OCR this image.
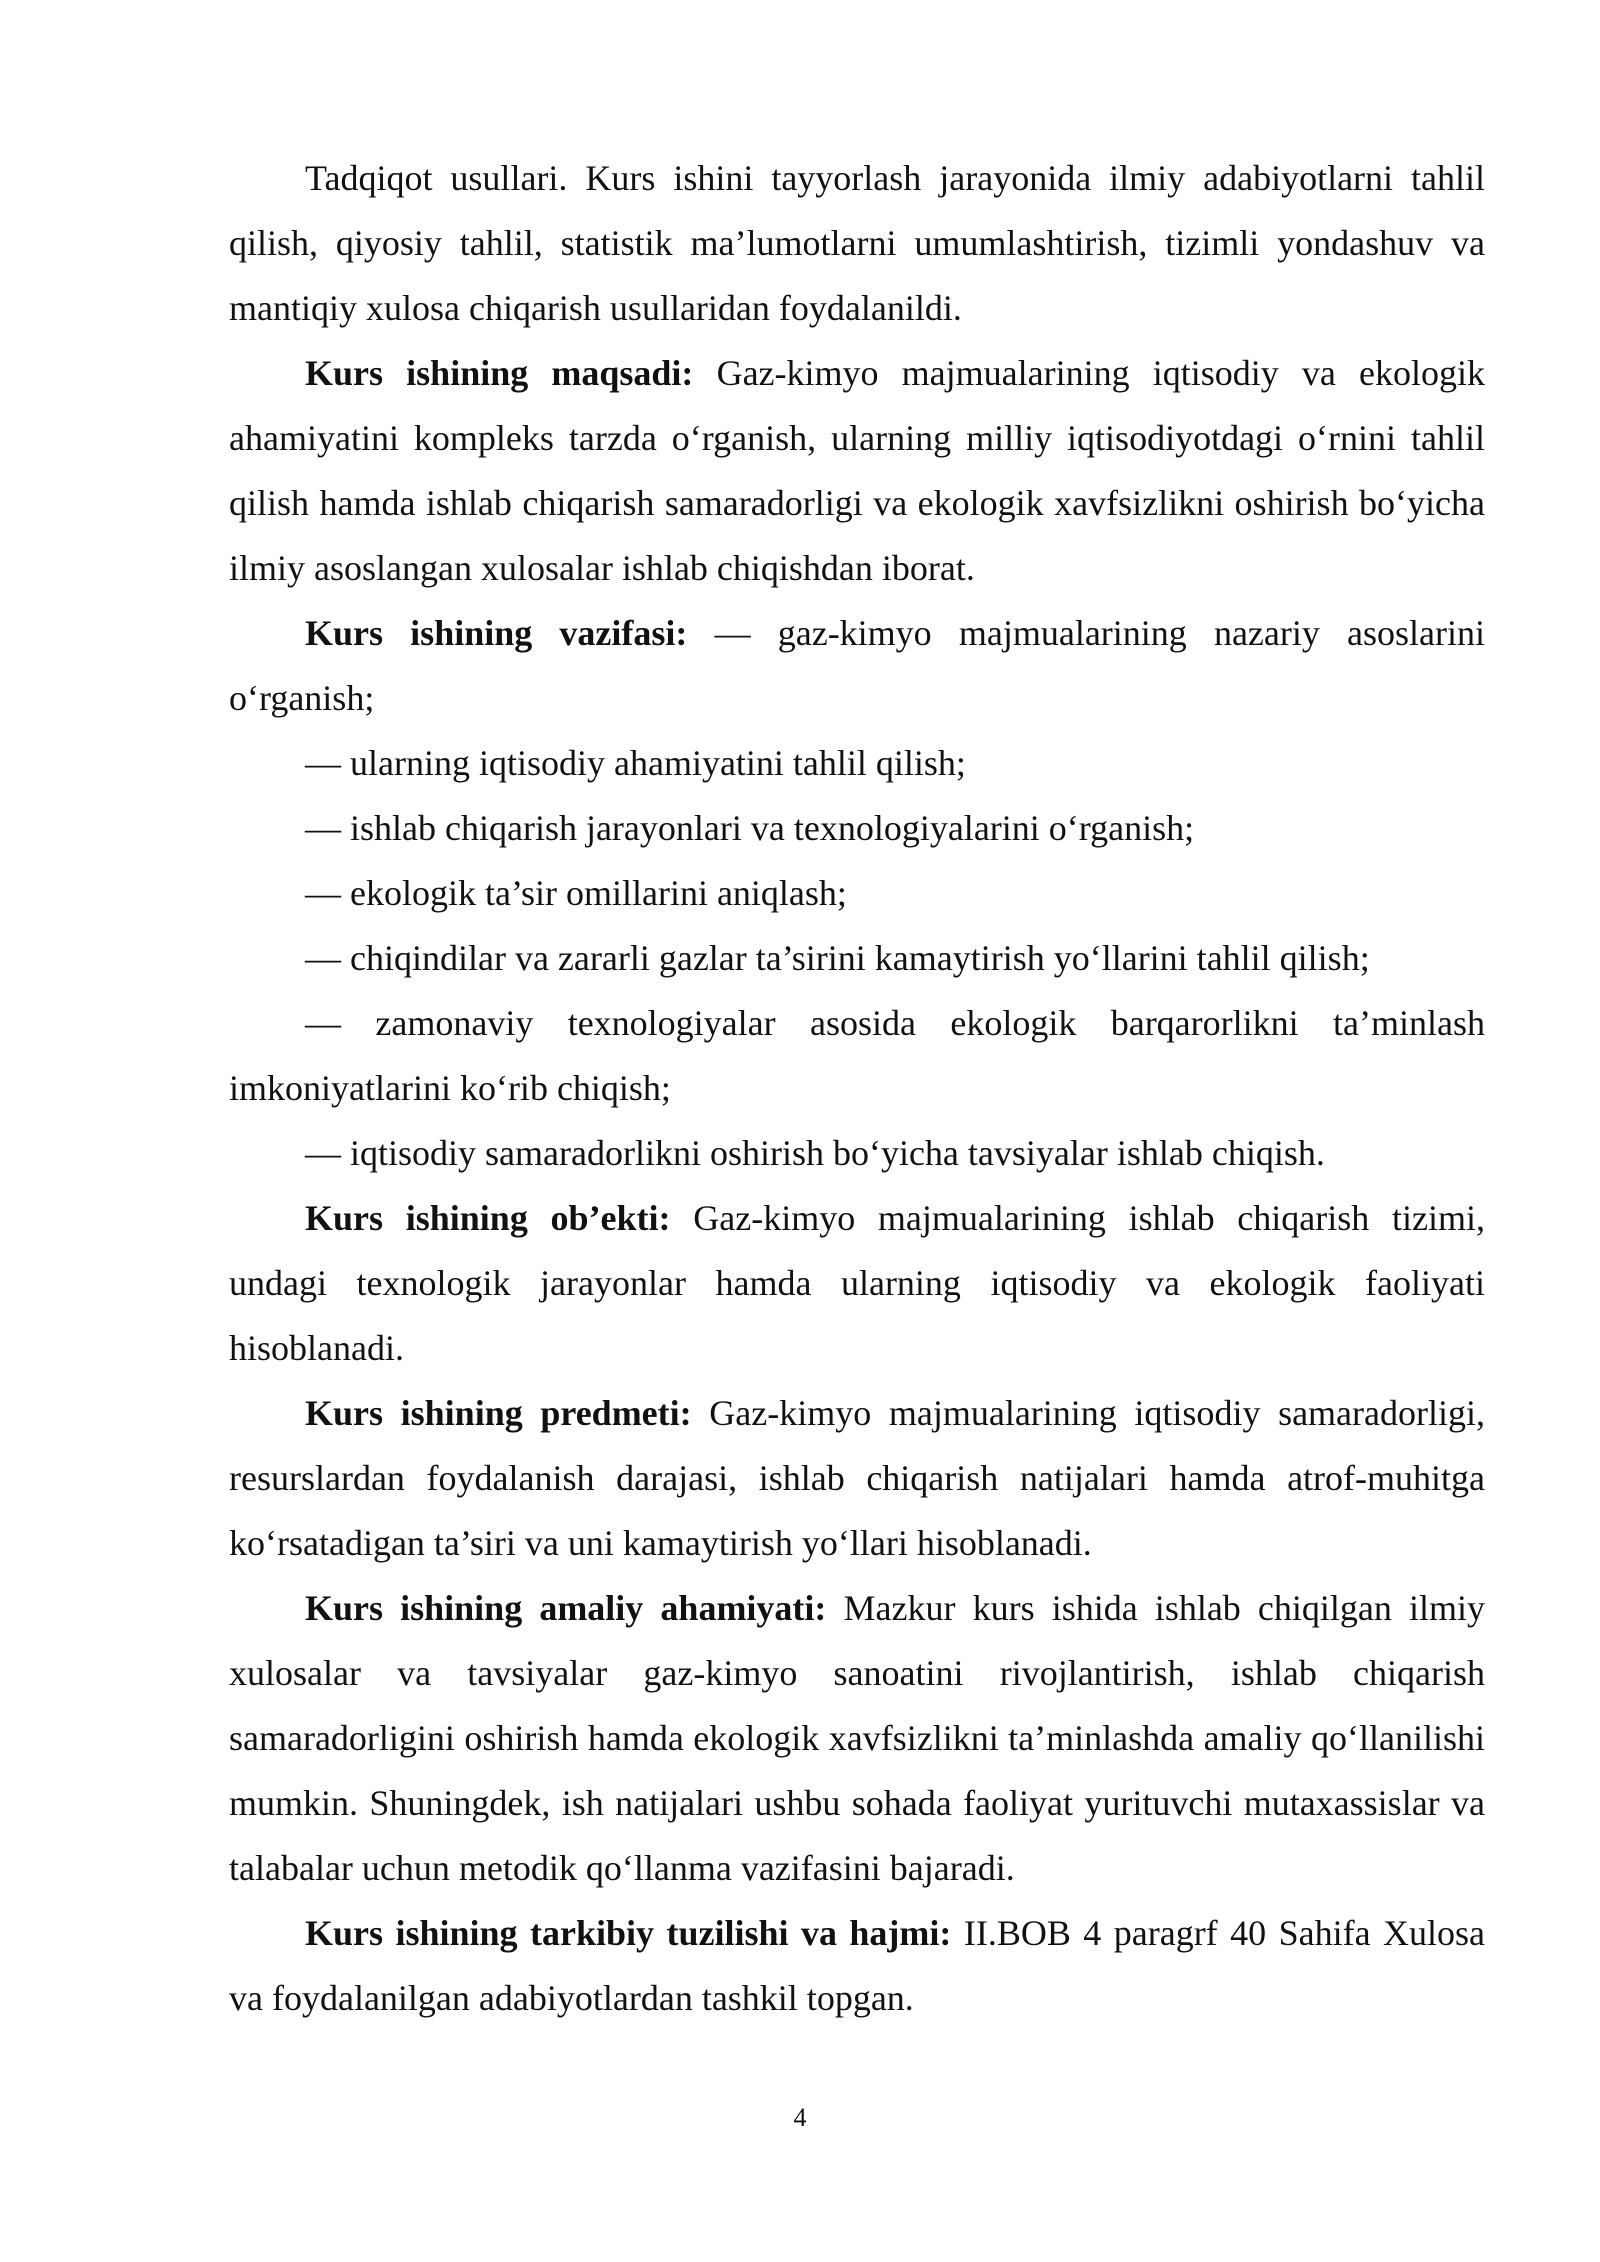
Tadqiqot usullari. Kurs ishini tayyorlash jarayonida ilmiy adabiyotlarni tahlil qilish, qiyosiy tahlil, statistik ma’lumotlarni umumlashtirish, tizimli yondashuv va mantiqiy xulosa chiqarish usullaridan foydalanildi.

Kurs ishining maqsadi: Gaz-kimyo majmualarining iqtisodiy va ekologik ahamiyatini kompleks tarzda o‘rganish, ularning milliy iqtisodiyotdagi o‘rnini tahlil qilish hamda ishlab chiqarish samaradorligi va ekologik xavfsizlikni oshirish bo‘yicha ilmiy asoslangan xulosalar ishlab chiqishdan iborat.

Kurs ishining vazifasi: — gaz-kimyo majmualarining nazariy asoslarini o‘rganish;

— ularning iqtisodiy ahamiyatini tahlil qilish;

— ishlab chiqarish jarayonlari va texnologiyalarini o‘rganish;

— ekologik ta’sir omillarini aniqlash;

— chiqindilar va zararli gazlar ta’sirini kamaytirish yo‘llarini tahlil qilish;

— zamonaviy texnologiyalar asosida ekologik barqarorlikni ta’minlash imkoniyatlarini ko‘rib chiqish;

— iqtisodiy samaradorlikni oshirish bo‘yicha tavsiyalar ishlab chiqish.

Kurs ishining ob’ekti: Gaz-kimyo majmualarining ishlab chiqarish tizimi, undagi texnologik jarayonlar hamda ularning iqtisodiy va ekologik faoliyati hisoblanadi.

Kurs ishining predmeti: Gaz-kimyo majmualarining iqtisodiy samaradorligi, resurslardan foydalanish darajasi, ishlab chiqarish natijalari hamda atrof-muhitga ko‘rsatadigan ta’siri va uni kamaytirish yo‘llari hisoblanadi.

Kurs ishining amaliy ahamiyati: Mazkur kurs ishida ishlab chiqilgan ilmiy xulosalar va tavsiyalar gaz-kimyo sanoatini rivojlantirish, ishlab chiqarish samaradorligini oshirish hamda ekologik xavfsizlikni ta’minlashda amaliy qo‘llanilishi mumkin. Shuningdek, ish natijalari ushbu sohada faoliyat yurituvchi mutaxassislar va talabalar uchun metodik qo‘llanma vazifasini bajaradi.

Kurs ishining tarkibiy tuzilishi va hajmi: II.BOB 4 paragrf 40 Sahifa Xulosa va foydalanilgan adabiyotlardan tashkil topgan.

4
